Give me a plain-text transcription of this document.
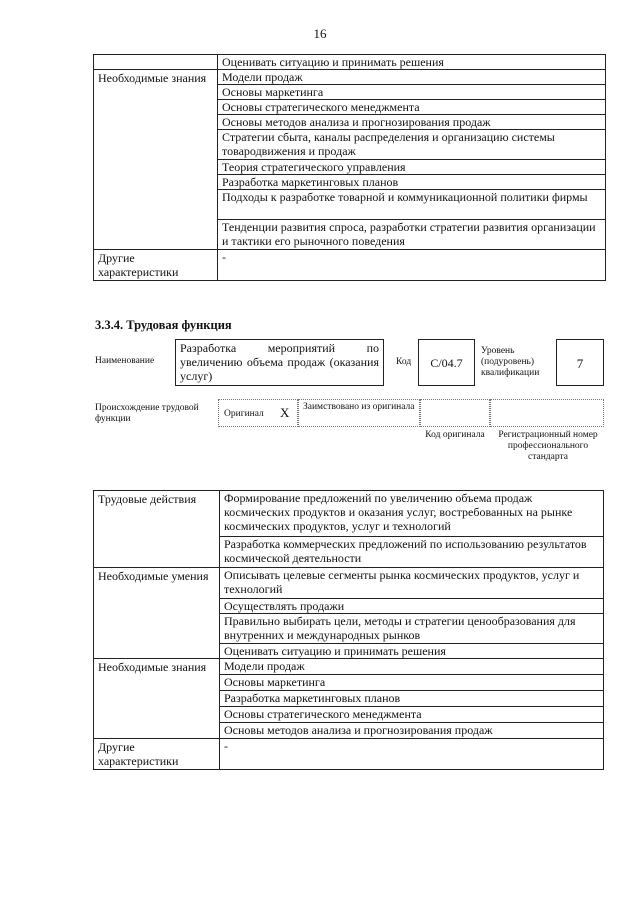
16
	Оценивать ситуацию и принимать решения
Необходимые знания	Модели продаж
	Основы маркетинга
	Основы стратегического менеджмента
	Основы методов анализа и прогнозирования продаж
	Стратегии сбыта, каналы распределения и организацию системы товародвижения и продаж
	Теория стратегического управления
	Разработка маркетинговых планов
	Подходы к разработке товарной и коммуникационной политики фирмы
	Тенденции развития спроса, разработки стратегии развития организации и тактики его рыночного поведения
Другие характеристики	-
3.3.4. Трудовая функция
Наименование
Разработка мероприятий по увеличению объема продаж (оказания услуг)
Код	С/04.7
Уровень (подуровень) квалификации
7
Происхождение трудовой функции	Оригинал Х Заимствовано из оригинала
Код оригинала	Регистрационный номер профессионального стандарта
Трудовые действия	Формирование предложений по увеличению объема продаж космических продуктов и оказания услуг, востребованных на рынке космических продуктов, услуг и технологий
	Разработка коммерческих предложений по использованию результатов космической деятельности
Необходимые умения	Описывать целевые сегменты рынка космических продуктов, услуг и технологий
	Осуществлять продажи
	Правильно выбирать цели, методы и стратегии ценообразования для внутренних и международных рынков
	Оценивать ситуацию и принимать решения
Необходимые знания	Модели продаж
	Основы маркетинга
	Разработка маркетинговых планов
	Основы стратегического менеджмента
	Основы методов анализа и прогнозирования продаж
Другие характеристики	-
